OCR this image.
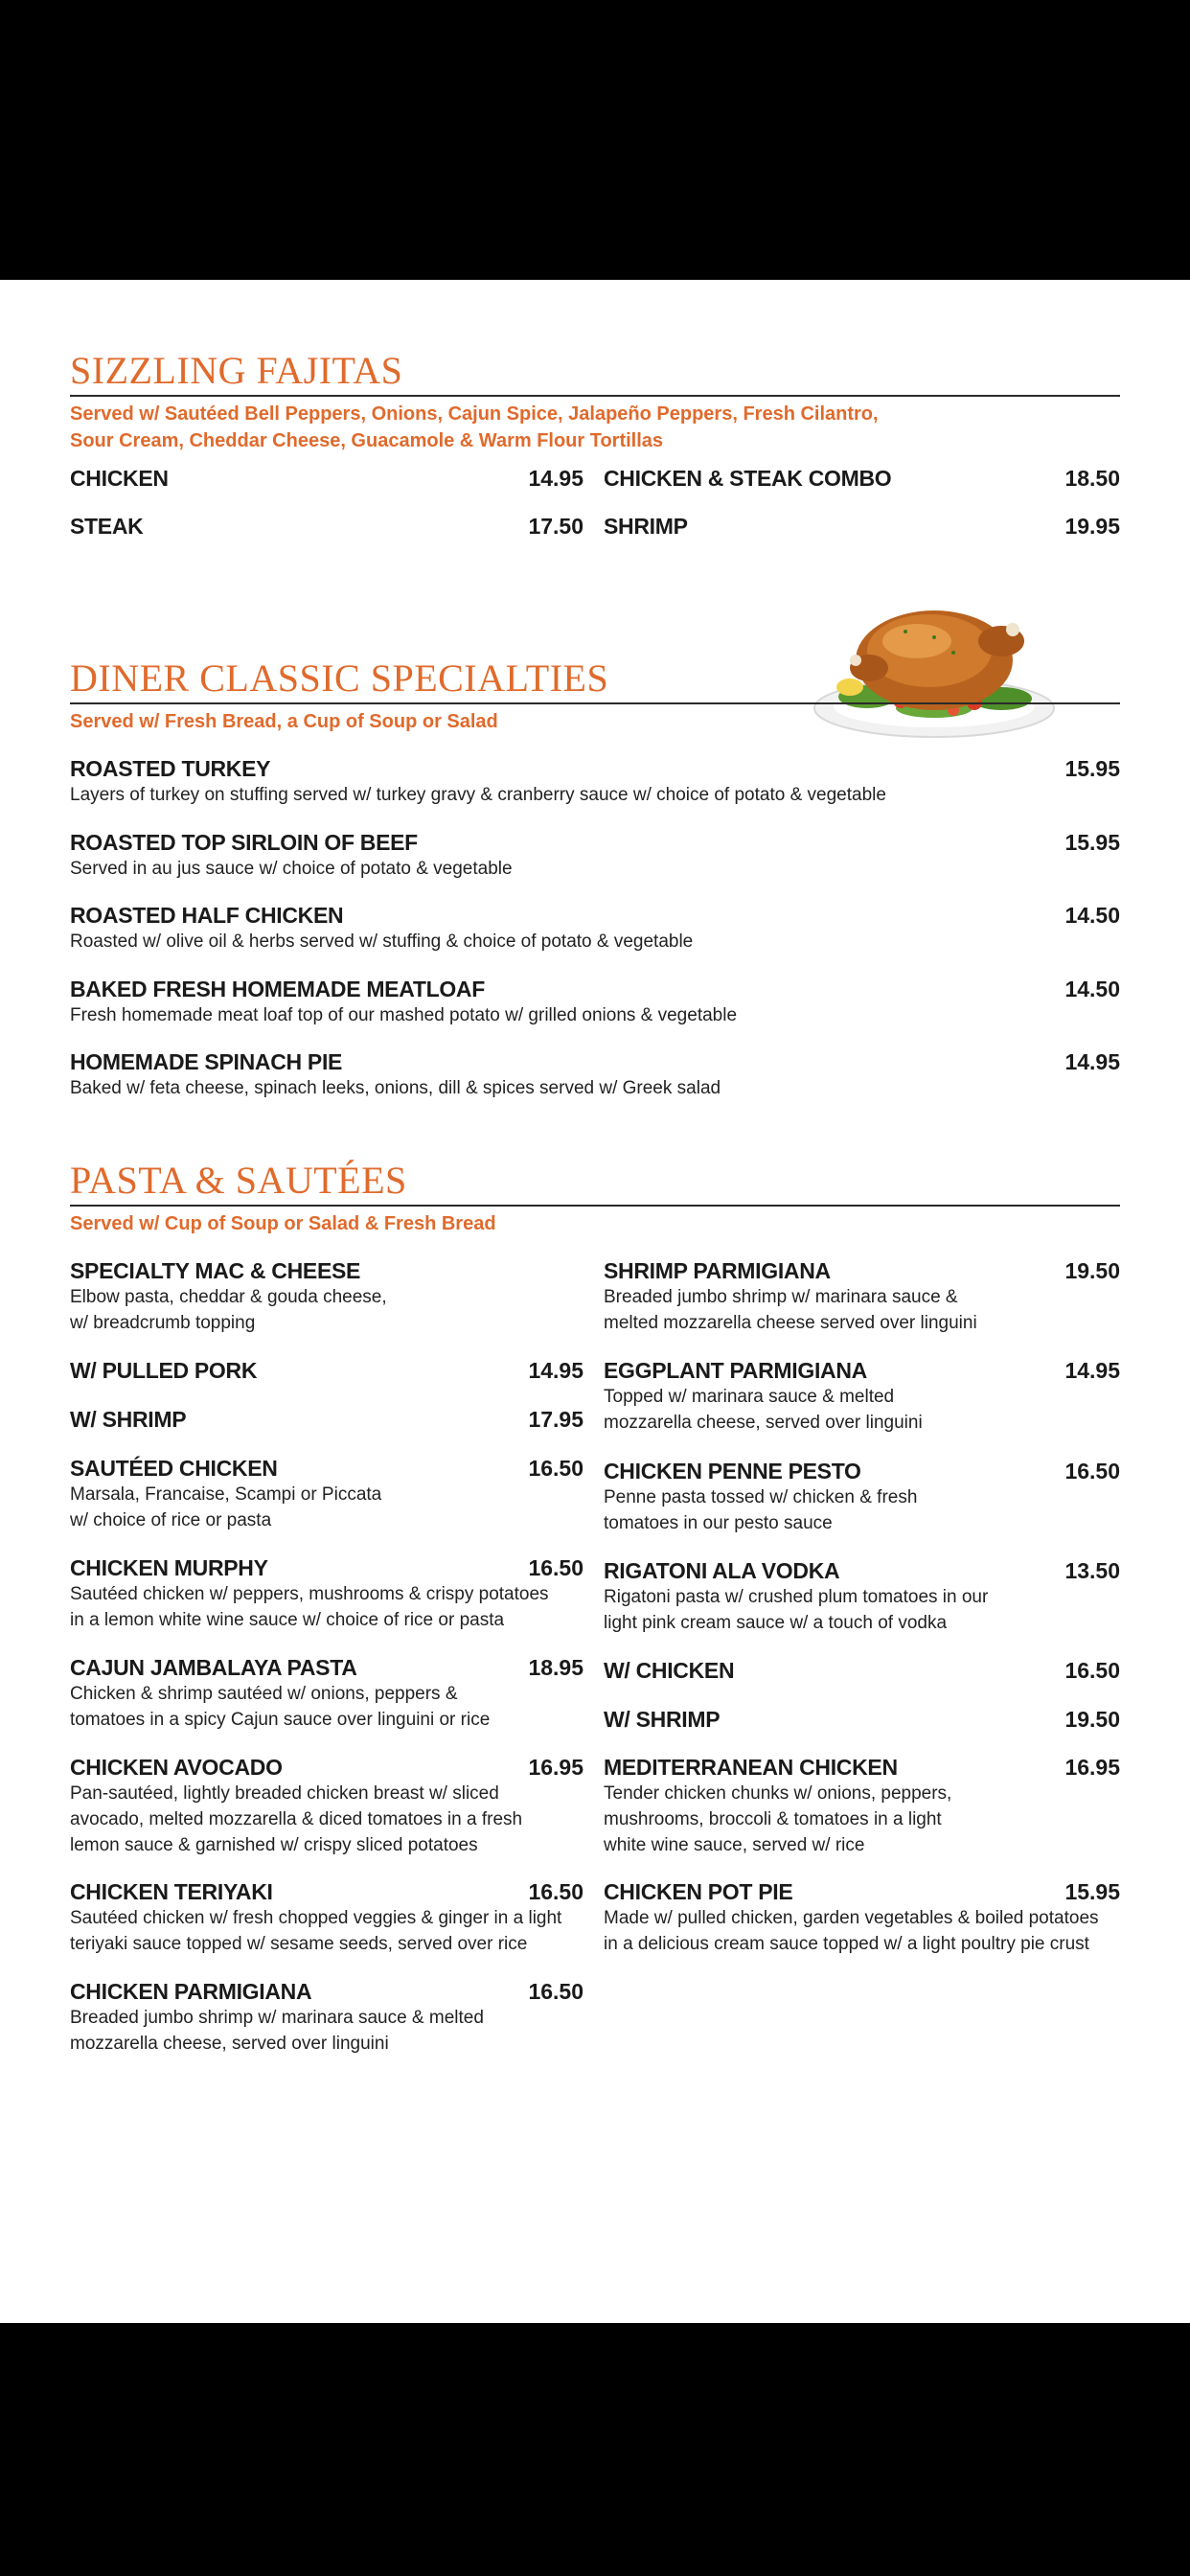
SIZZLING FAJITAS
Served w/ Sautéed Bell Peppers, Onions, Cajun Spice, Jalapeño Peppers, Fresh Cilantro, Sour Cream, Cheddar Cheese, Guacamole & Warm Flour Tortillas
CHICKEN	14.95
STEAK	17.50
CHICKEN & STEAK COMBO	18.50
SHRIMP	19.95
DINER CLASSIC SPECIALTIES
Served w/ Fresh Bread, a Cup of Soup or Salad
ROASTED TURKEY	15.95
Layers of turkey on stuffing served w/ turkey gravy & cranberry sauce w/ choice of potato & vegetable
ROASTED TOP SIRLOIN OF BEEF	15.95
Served in au jus sauce w/ choice of potato & vegetable
ROASTED HALF CHICKEN	14.50
Roasted w/ olive oil & herbs served w/ stuffing & choice of potato & vegetable
BAKED FRESH HOMEMADE MEATLOAF	14.50
Fresh homemade meat loaf top of our mashed potato w/ grilled onions & vegetable
HOMEMADE SPINACH PIE	14.95
Baked w/ feta cheese, spinach leeks, onions, dill & spices served w/ Greek salad
PASTA & SAUTÉES
Served w/ Cup of Soup or Salad & Fresh Bread
SPECIALTY MAC & CHEESE
Elbow pasta, cheddar & gouda cheese,
w/ breadcrumb topping
W/ PULLED PORK	14.95
W/ SHRIMP	17.95
SAUTÉED CHICKEN	16.50
Marsala, Francaise, Scampi or Piccata
w/ choice of rice or pasta
CHICKEN MURPHY	16.50
Sautéed chicken w/ peppers, mushrooms & crispy potatoes
in a lemon white wine sauce w/ choice of rice or pasta
CAJUN JAMBALAYA PASTA	18.95
Chicken & shrimp sautéed w/ onions, peppers &
tomatoes in a spicy Cajun sauce over linguini or rice
CHICKEN AVOCADO	16.95
Pan-sautéed, lightly breaded chicken breast w/ sliced
avocado, melted mozzarella & diced tomatoes in a fresh
lemon sauce & garnished w/ crispy sliced potatoes
CHICKEN TERIYAKI	16.50
Sautéed chicken w/ fresh chopped veggies & ginger in a light
teriyaki sauce topped w/ sesame seeds, served over rice
CHICKEN PARMIGIANA	16.50
Breaded jumbo shrimp w/ marinara sauce & melted
mozzarella cheese, served over linguini
SHRIMP PARMIGIANA	19.50
Breaded jumbo shrimp w/ marinara sauce &
melted mozzarella cheese served over linguini
EGGPLANT PARMIGIANA	14.95
Topped w/ marinara sauce & melted
mozzarella cheese, served over linguini
CHICKEN PENNE PESTO	16.50
Penne pasta tossed w/ chicken & fresh
tomatoes in our pesto sauce
RIGATONI ALA VODKA	13.50
Rigatoni pasta w/ crushed plum tomatoes in our
light pink cream sauce w/ a touch of vodka
W/ CHICKEN	16.50
W/ SHRIMP	19.50
MEDITERRANEAN CHICKEN	16.95
Tender chicken chunks w/ onions, peppers,
mushrooms, broccoli & tomatoes in a light
white wine sauce, served w/ rice
CHICKEN POT PIE	15.95
Made w/ pulled chicken, garden vegetables & boiled potatoes
in a delicious cream sauce topped w/ a light poultry pie crust
